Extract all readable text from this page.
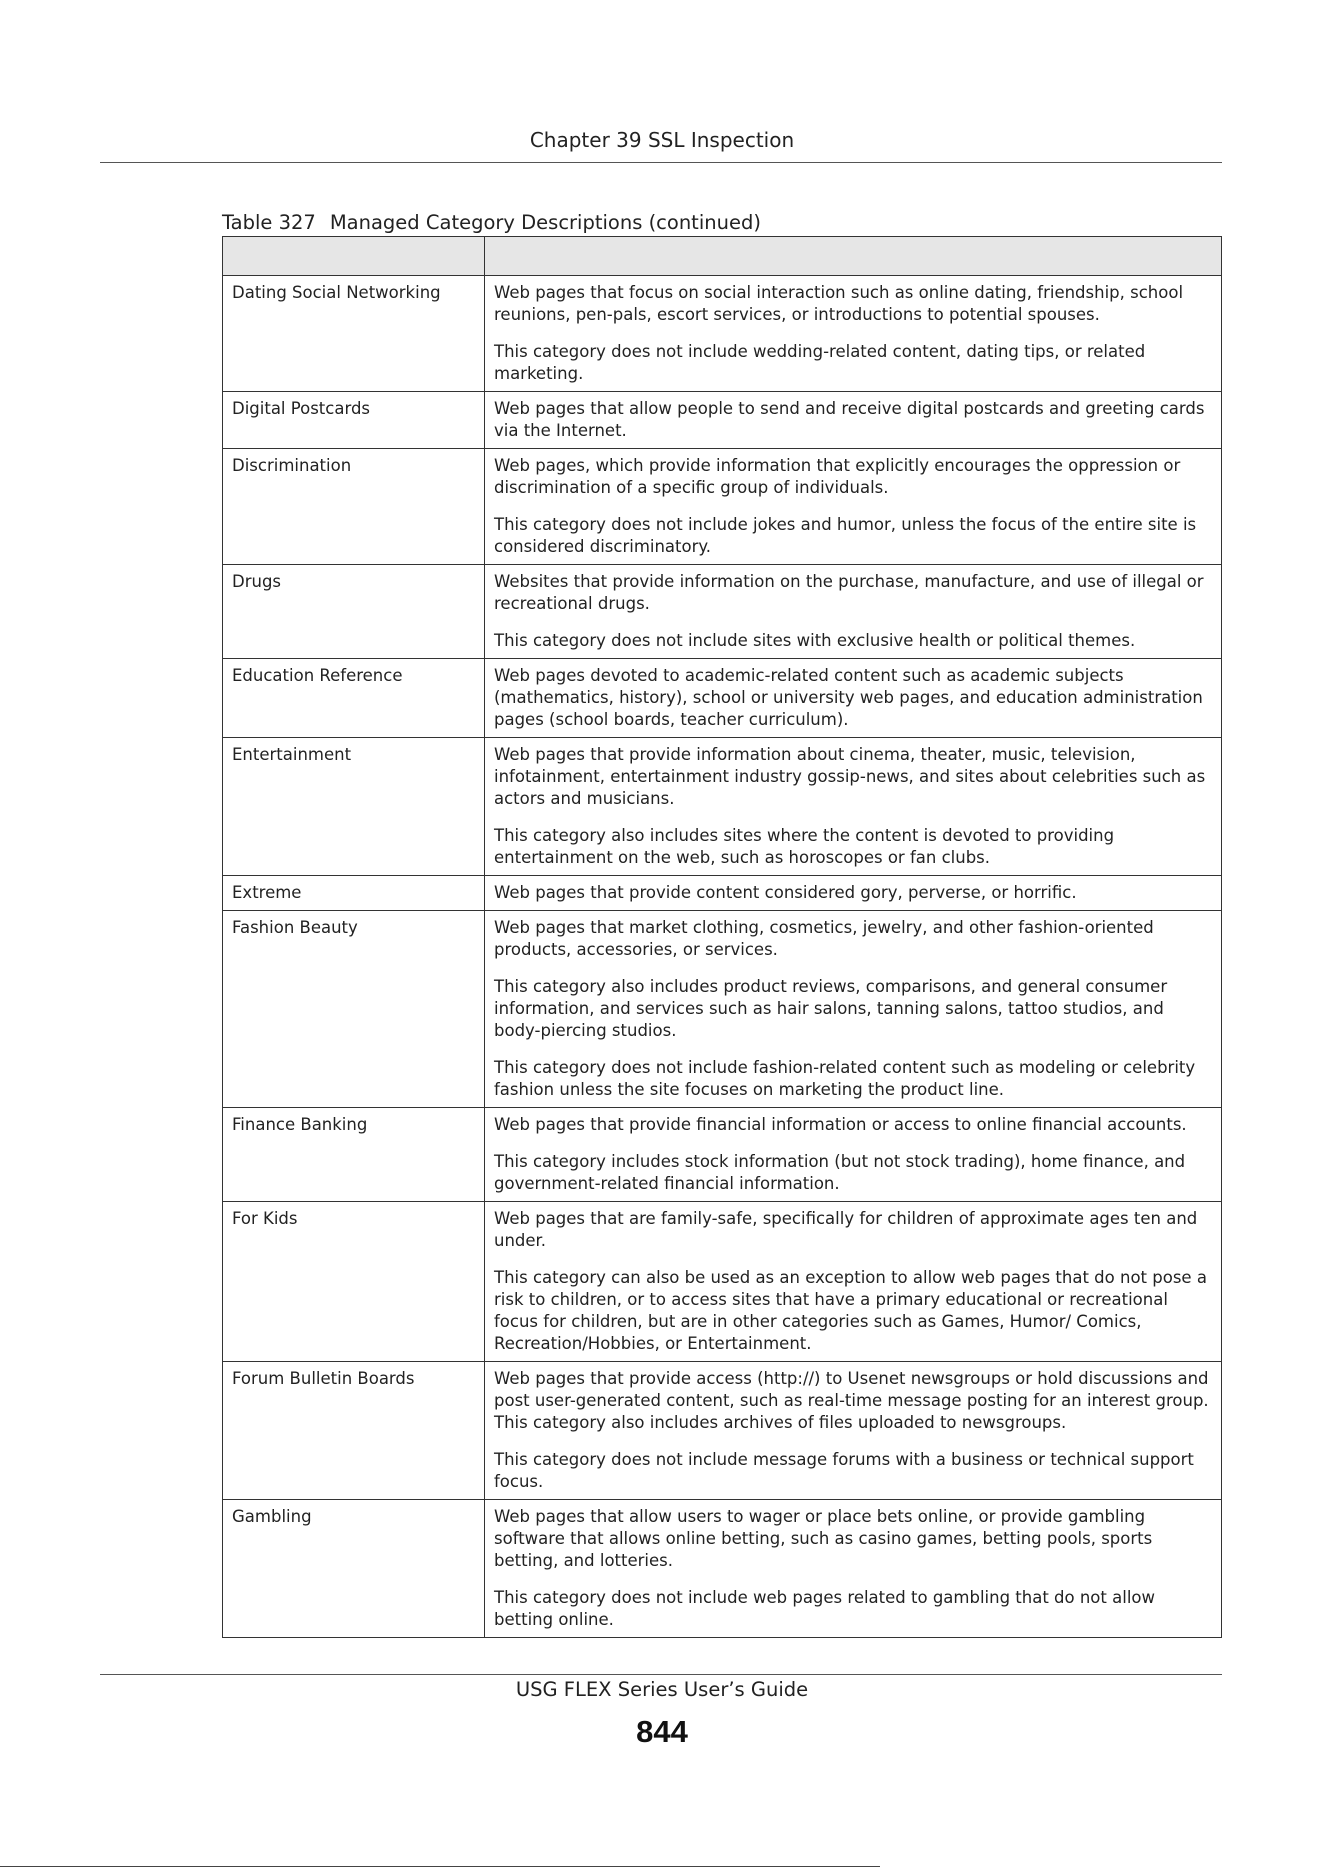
Chapter 39 SSL Inspection
Table 327 Managed Category Descriptions (continued)

Dating Social Networking	Web pages that focus on social interaction such as online dating, friendship, school reunions, pen-pals, escort services, or introductions to potential spouses.

This category does not include wedding-related content, dating tips, or related marketing.

Digital Postcards	Web pages that allow people to send and receive digital postcards and greeting cards via the Internet.

Discrimination	Web pages, which provide information that explicitly encourages the oppression or discrimination of a specific group of individuals.

This category does not include jokes and humor, unless the focus of the entire site is considered discriminatory.

Drugs	Websites that provide information on the purchase, manufacture, and use of illegal or recreational drugs.

This category does not include sites with exclusive health or political themes.

Education Reference	Web pages devoted to academic-related content such as academic subjects (mathematics, history), school or university web pages, and education administration pages (school boards, teacher curriculum).

Entertainment	Web pages that provide information about cinema, theater, music, television, infotainment, entertainment industry gossip-news, and sites about celebrities such as actors and musicians.

This category also includes sites where the content is devoted to providing entertainment on the web, such as horoscopes or fan clubs.

Extreme	Web pages that provide content considered gory, perverse, or horrific.

Fashion Beauty	Web pages that market clothing, cosmetics, jewelry, and other fashion-oriented products, accessories, or services.

This category also includes product reviews, comparisons, and general consumer information, and services such as hair salons, tanning salons, tattoo studios, and body-piercing studios.

This category does not include fashion-related content such as modeling or celebrity fashion unless the site focuses on marketing the product line.

Finance Banking	Web pages that provide financial information or access to online financial accounts.

This category includes stock information (but not stock trading), home finance, and government-related financial information.

For Kids	Web pages that are family-safe, specifically for children of approximate ages ten and under.

This category can also be used as an exception to allow web pages that do not pose a risk to children, or to access sites that have a primary educational or recreational focus for children, but are in other categories such as Games, Humor/ Comics, Recreation/Hobbies, or Entertainment.

Forum Bulletin Boards	Web pages that provide access (http://) to Usenet newsgroups or hold discussions and post user-generated content, such as real-time message posting for an interest group. This category also includes archives of files uploaded to newsgroups.

This category does not include message forums with a business or technical support focus.

Gambling	Web pages that allow users to wager or place bets online, or provide gambling software that allows online betting, such as casino games, betting pools, sports betting, and lotteries.

This category does not include web pages related to gambling that do not allow betting online.

USG FLEX Series User’s Guide
844
